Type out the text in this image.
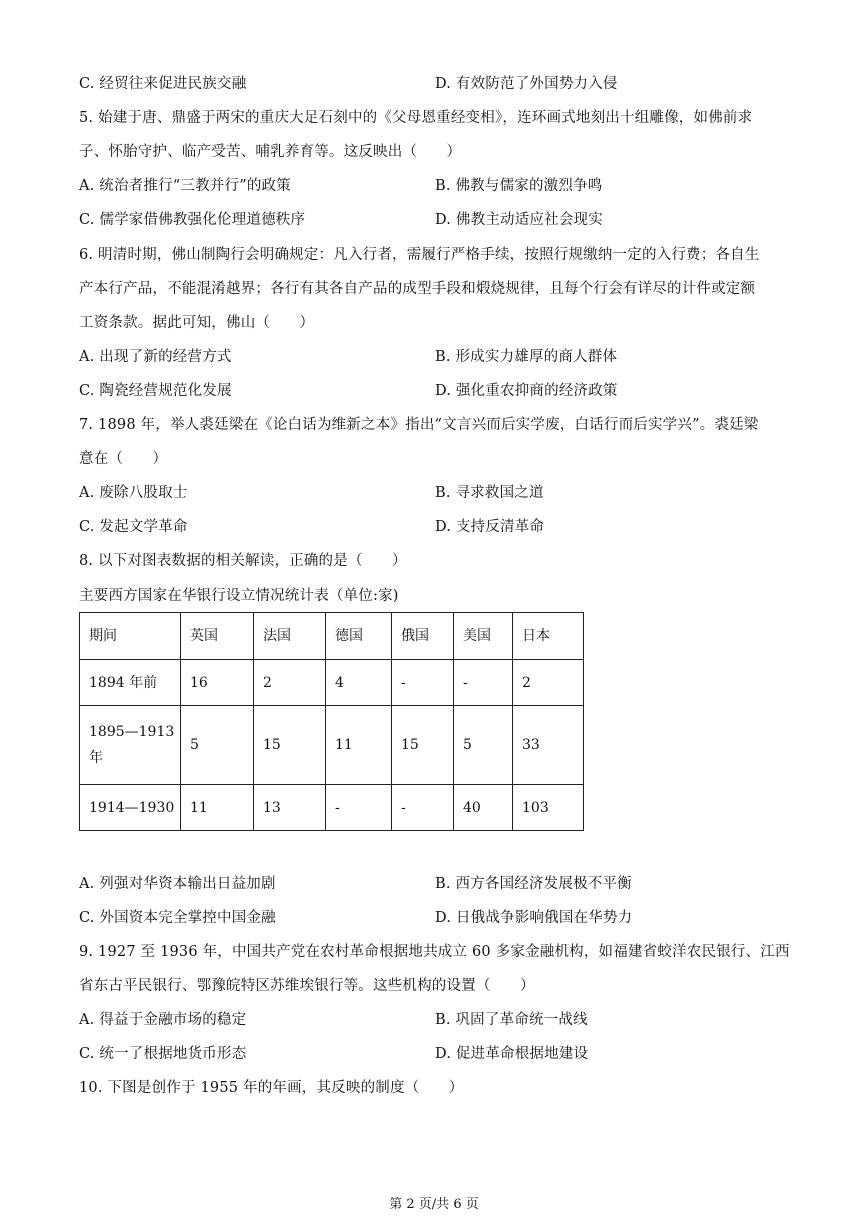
C. 经贸往来促进民族交融	D. 有效防范了外国势力入侵
5. 始建于唐、鼎盛于两宋的重庆大足石刻中的《父母恩重经变相》，连环画式地刻出十组雕像，如佛前求
子、怀胎守护、临产受苦、哺乳养育等。这反映出（　　）
A. 统治者推行“三教并行”的政策	B. 佛教与儒家的激烈争鸣
C. 儒学家借佛教强化伦理道德秩序	D. 佛教主动适应社会现实
6. 明清时期，佛山制陶行会明确规定：凡入行者，需履行严格手续，按照行规缴纳一定的入行费；各自生
产本行产品，不能混淆越界；各行有其各自产品的成型手段和煅烧规律，且每个行会有详尽的计件或定额
工资条款。据此可知，佛山（　　）
A. 出现了新的经营方式	B. 形成实力雄厚的商人群体
C. 陶瓷经营规范化发展	D. 强化重农抑商的经济政策
7. 1898 年，举人裘廷梁在《论白话为维新之本》指出“文言兴而后实学废，白话行而后实学兴”。裘廷梁
意在（　　）
A. 废除八股取士	B. 寻求救国之道
C. 发起文学革命	D. 支持反清革命
8. 以下对图表数据的相关解读，正确的是（　　）
主要西方国家在华银行设立情况统计表（单位:家)
期间	英国	法国	德国	俄国	美国	日本
1894 年前	16	2	4	-	-	2
1895—1913
年	5	15	11	15	5	33
1914—1930	11	13	-	-	40	103
A. 列强对华资本输出日益加剧	B. 西方各国经济发展极不平衡
C. 外国资本完全掌控中国金融	D. 日俄战争影响俄国在华势力
9. 1927 至 1936 年，中国共产党在农村革命根据地共成立 60 多家金融机构，如福建省蛟洋农民银行、江西
省东古平民银行、鄂豫皖特区苏维埃银行等。这些机构的设置（　　）
A. 得益于金融市场的稳定	B. 巩固了革命统一战线
C. 统一了根据地货币形态	D. 促进革命根据地建设
10. 下图是创作于 1955 年的年画，其反映的制度（　　）
第 2 页/共 6 页
